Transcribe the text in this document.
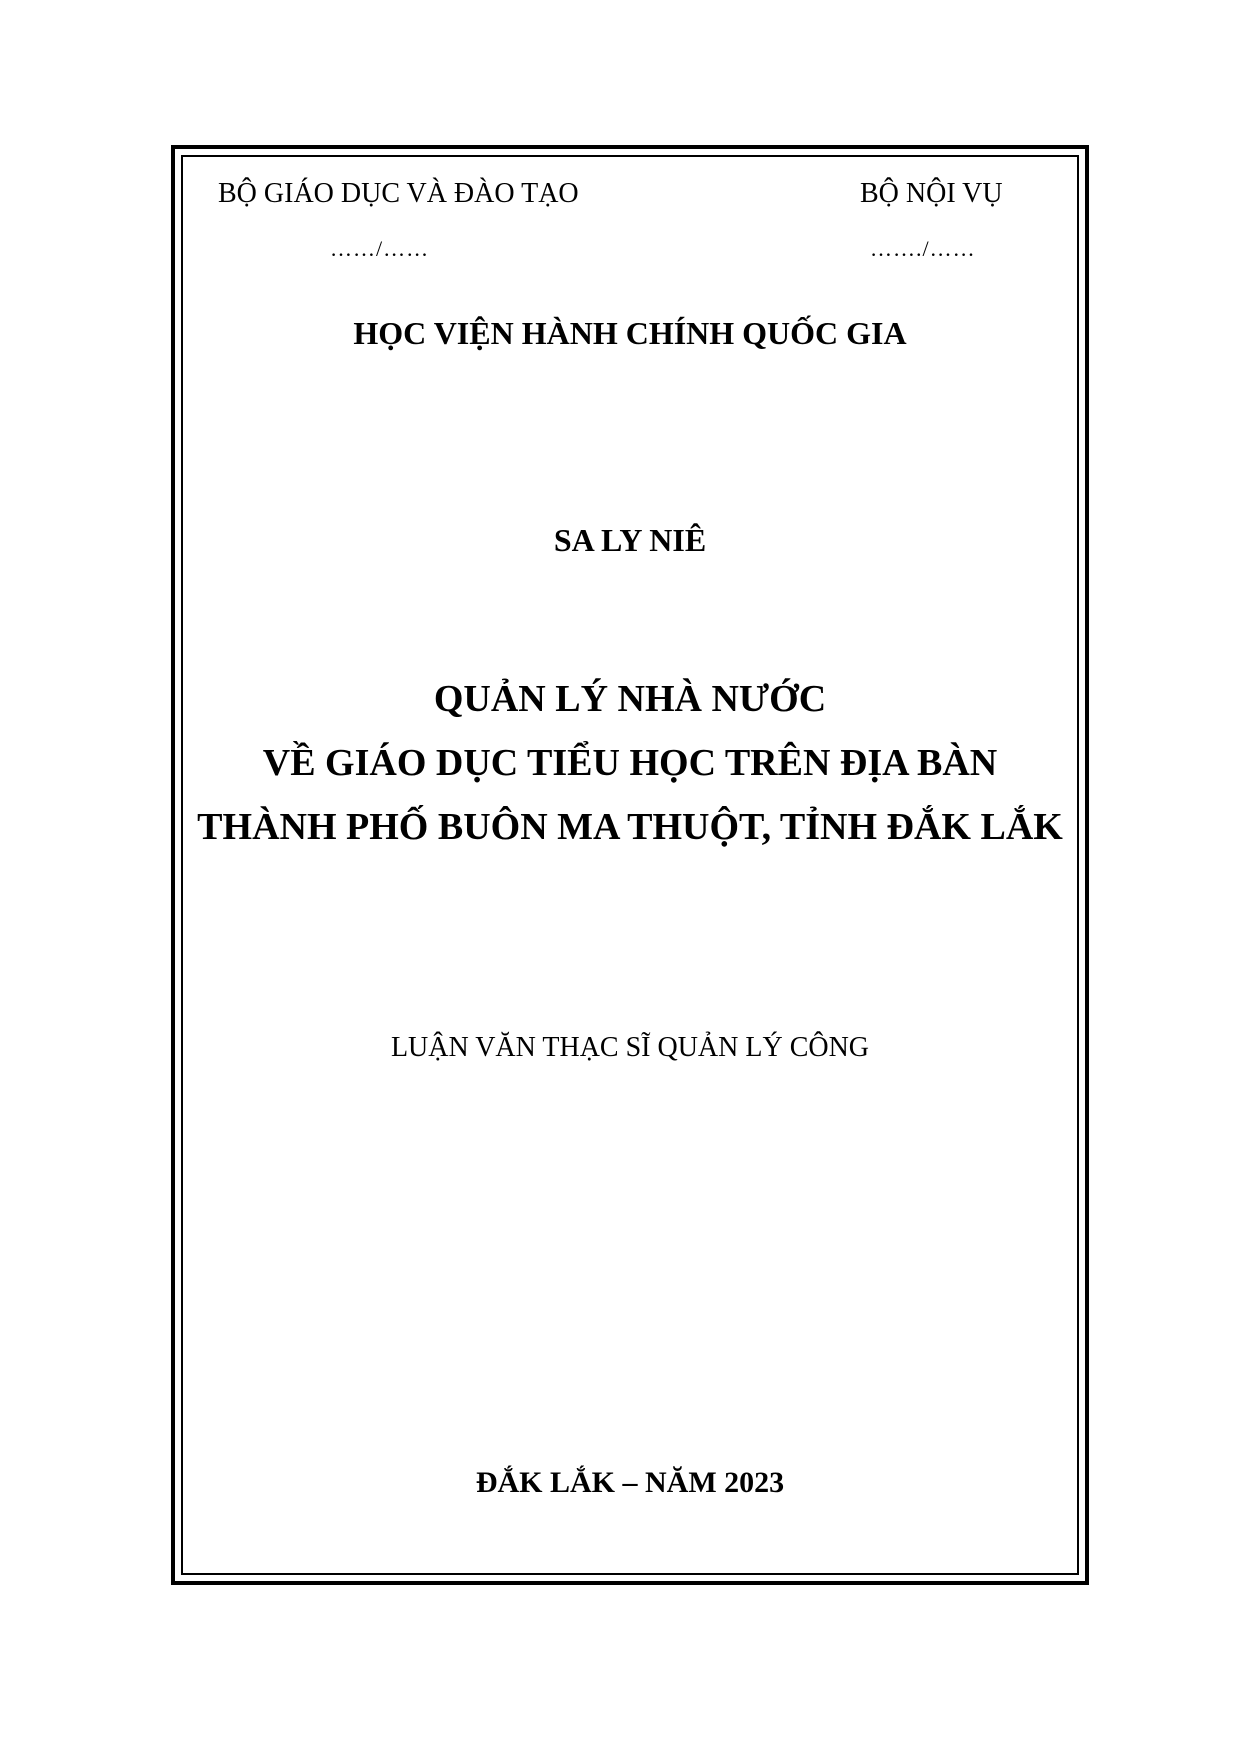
BỘ GIÁO DỤC VÀ ĐÀO TẠO	BỘ NỘI VỤ
……/……	……./……
HỌC VIỆN HÀNH CHÍNH QUỐC GIA
SA LY NIÊ
QUẢN LÝ NHÀ NƯỚC
VỀ GIÁO DỤC TIỂU HỌC TRÊN ĐỊA BÀN
THÀNH PHỐ BUÔN MA THUỘT, TỈNH ĐẮK LẮK
LUẬN VĂN THẠC SĨ QUẢN LÝ CÔNG
ĐẮK LẮK – NĂM 2023
